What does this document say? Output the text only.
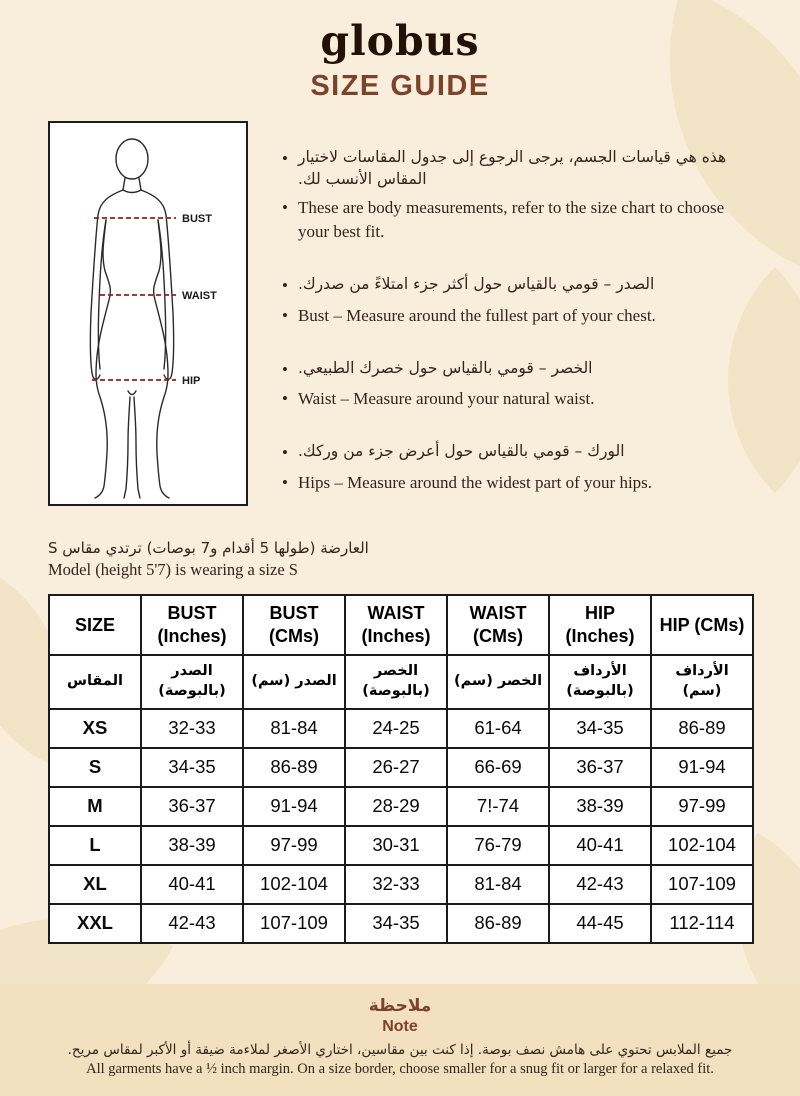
globus
SIZE GUIDE
BUST
WAIST
HIP
• هذه هي قياسات الجسم، يرجى الرجوع إلى جدول المقاسات لاختيار المقاس الأنسب لك.
• These are body measurements, refer to the size chart to choose your best fit.
• الصدر – قومي بالقياس حول أكثر جزء امتلاءً من صدرك.
• Bust – Measure around the fullest part of your chest.
• الخصر – قومي بالقياس حول خصرك الطبيعي.
• Waist – Measure around your natural waist.
• الورك – قومي بالقياس حول أعرض جزء من وركك.
• Hips – Measure around the widest part of your hips.
العارضة (طولها 5 أقدام و7 بوصات) ترتدي مقاس S
Model (height 5'7) is wearing a size S
SIZE	BUST (Inches)	BUST (CMs)	WAIST (Inches)	WAIST (CMs)	HIP (Inches)	HIP (CMs)
المقاس	الصدر (بالبوصة)	الصدر (سم)	الخصر (بالبوصة)	الخصر (سم)	الأرداف (بالبوصة)	الأرداف (سم)
XS	32-33	81-84	24-25	61-64	34-35	86-89
S	34-35	86-89	26-27	66-69	36-37	91-94
M	36-37	91-94	28-29	7!-74	38-39	97-99
L	38-39	97-99	30-31	76-79	40-41	102-104
XL	40-41	102-104	32-33	81-84	42-43	107-109
XXL	42-43	107-109	34-35	86-89	44-45	112-114
ملاحظة
Note
جميع الملابس تحتوي على هامش نصف بوصة. إذا كنت بين مقاسين، اختاري الأصغر لملاءمة ضيقة أو الأكبر لمقاس مريح.
All garments have a ½ inch margin. On a size border, choose smaller for a snug fit or larger for a relaxed fit.
